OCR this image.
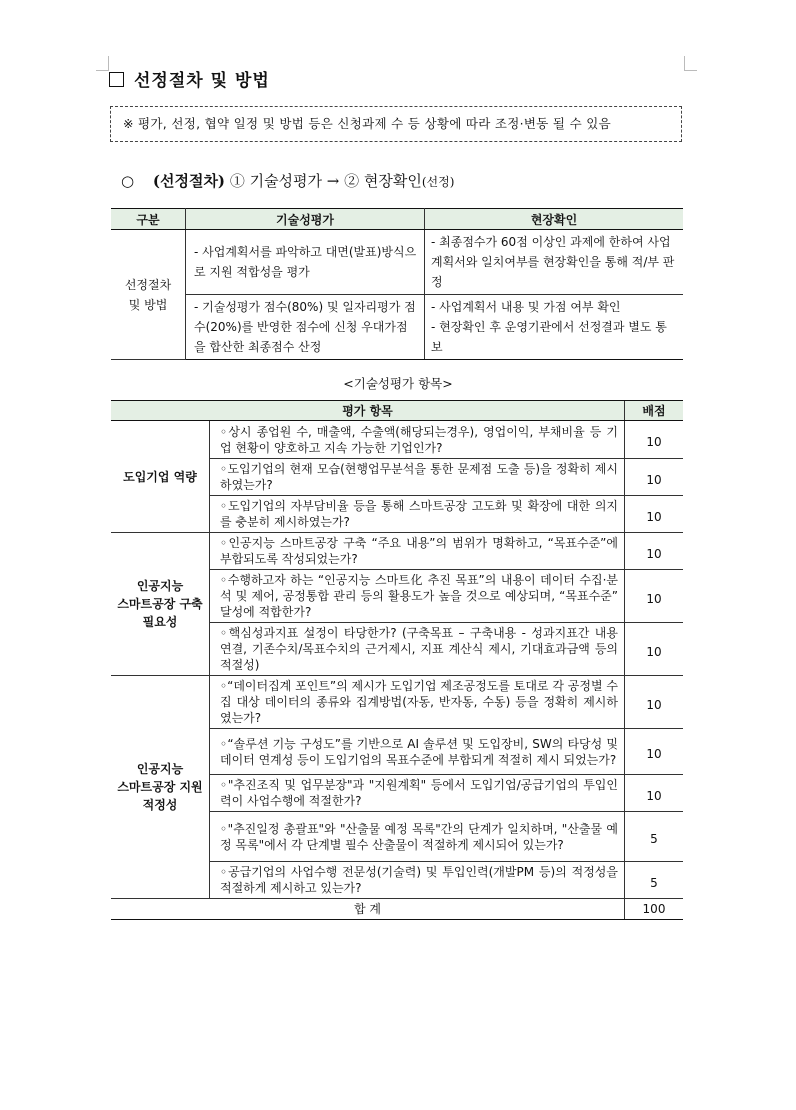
선정절차 및 방법
※ 평가, 선정, 협약 일정 및 방법 등은 신청과제 수 등 상황에 따라 조정·변동 될 수 있음
○ (선정절차) ① 기술성평가 → ② 현장확인(선정)
구분	기술성평가	현장확인
선정절차
및 방법	- 사업계획서를 파악하고 대면(발표)방식으로 지원 적합성을 평가	- 최종점수가 60점 이상인 과제에 한하여 사업계획서와 일치여부를 현장확인을 통해 적/부 판정
	- 기술성평가 점수(80%) 및 일자리평가 점수(20%)를 반영한 점수에 신청 우대가점을 합산한 최종점수 산정	- 사업계획서 내용 및 가점 여부 확인
- 현장확인 후 운영기관에서 선정결과 별도 통보
<기술성평가 항목>
평가 항목		배점
도입기업 역량	◦상시 종업원 수, 매출액, 수출액(해당되는경우), 영업이익, 부채비율 등 기업 현황이 양호하고 지속 가능한 기업인가?	10
	◦도입기업의 현재 모습(현행업무분석을 통한 문제점 도출 등)을 정확히 제시하였는가?	10
	◦도입기업의 자부담비율 등을 통해 스마트공장 고도화 및 확장에 대한 의지를 충분히 제시하였는가?	10
인공지능
스마트공장 구축
필요성	◦인공지능 스마트공장 구축 “주요 내용”의 범위가 명확하고, “목표수준”에 부합되도록 작성되었는가?	10
	◦수행하고자 하는 “인공지능 스마트化 추진 목표”의 내용이 데이터 수집·분석 및 제어, 공정통합 관리 등의 활용도가 높을 것으로 예상되며, “목표수준” 달성에 적합한가?	10
	◦핵심성과지표 설정이 타당한가? (구축목표 – 구축내용 - 성과지표간 내용 연결, 기존수치/목표수치의 근거제시, 지표 계산식 제시, 기대효과금액 등의 적절성)	10
인공지능
스마트공장 지원
적정성	◦“데이터집계 포인트”의 제시가 도입기업 제조공정도를 토대로 각 공정별 수집 대상 데이터의 종류와 집계방법(자동, 반자동, 수동) 등을 정확히 제시하였는가?	10
	◦“솔루션 기능 구성도”를 기반으로 AI 솔루션 및 도입장비, SW의 타당성 및 데이터 연계성 등이 도입기업의 목표수준에 부합되게 적절히 제시 되었는가?	10
	◦"추진조직 및 업무분장"과 "지원계획" 등에서 도입기업/공급기업의 투입인력이 사업수행에 적절한가?	10
	◦"추진일정 총괄표"와 "산출물 예정 목록"간의 단계가 일치하며, "산출물 예정 목록"에서 각 단계별 필수 산출물이 적절하게 제시되어 있는가?	5
	◦공급기업의 사업수행 전문성(기술력) 및 투입인력(개발PM 등)의 적정성을 적절하게 제시하고 있는가?	5
합 계		100
